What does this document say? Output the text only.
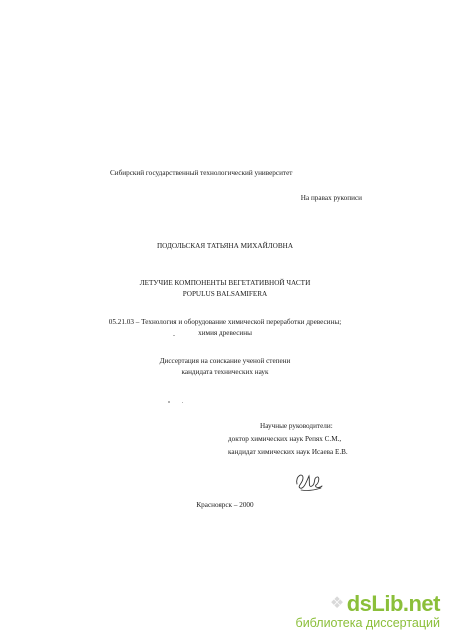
Сибирский государственный технологический университет
На правах рукописи
ПОДОЛЬСКАЯ ТАТЬЯНА МИХАЙЛОВНА
ЛЕТУЧИЕ КОМПОНЕНТЫ ВЕГЕТАТИВНОЙ ЧАСТИ
POPULUS BALSAMIFERA
05.21.03 – Технология и оборудование химической переработки древесины;
химия древесины
Диссертация на соискание ученой степени
кандидата технических наук
Научные руководители:
доктор химических наук Репях С.М.,
кандидат химических наук Исаева Е.В.
Красноярск – 2000
❖ dsLib.net
библиотека диссертаций
